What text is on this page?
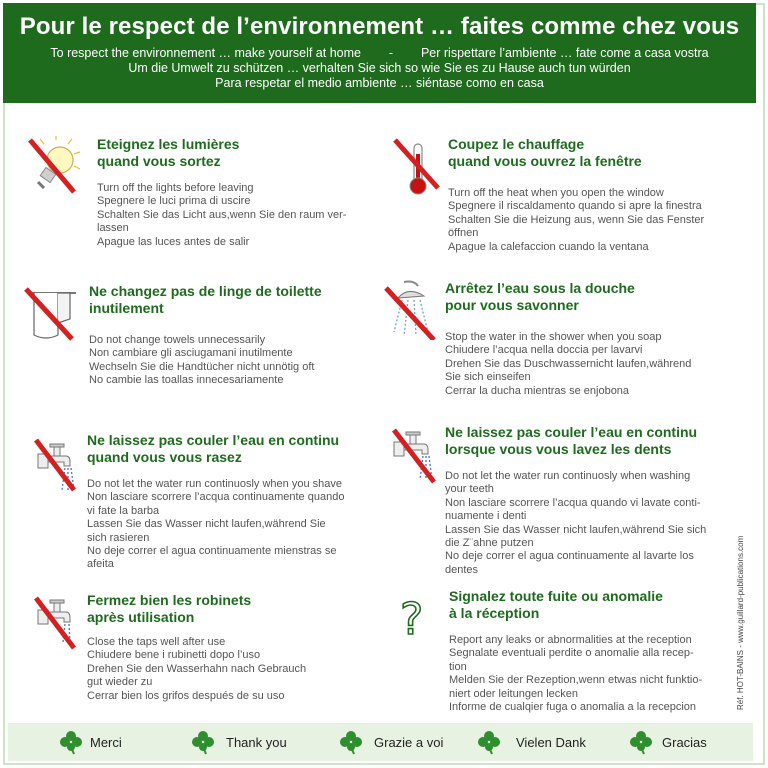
Pour le respect de l’environnement … faites comme chez vous
To respect the environnement … make yourself at home - Per rispettare l’ambiente … fate come a casa vostra
Um die Umwelt zu schützen … verhalten Sie sich so wie Sie es zu Hause auch tun würden
Para respetar el medio ambiente … siéntase como en casa
Eteignez les lumières
quand vous sortez
Turn off the lights before leaving
Spegnere le luci prima di uscire
Schalten Sie das Licht aus,wenn Sie den raum ver-
lassen
Apague las luces antes de salir
Coupez le chauffage
quand vous ouvrez la fenêtre
Turn off the heat when you open the window
Spegnere il riscaldamento quando si apre la finestra
Schalten Sie die Heizung aus, wenn Sie das Fenster
öffnen
Apague la calefaccion cuando la ventana
Ne changez pas de linge de toilette
inutilement
Do not change towels unnecessarily
Non cambiare gli asciugamani inutilmente
Wechseln Sie die Handtücher nicht unnötig oft
No cambie las toallas innecesariamente
Arrêtez l’eau sous la douche
pour vous savonner
Stop the water in the shower when you soap
Chiudere l’acqua nella doccia per lavarvi
Drehen Sie das Duschwassernicht laufen,während
Sie sich einseifen
Cerrar la ducha mientras se enjobona
Ne laissez pas couler l’eau en continu
quand vous vous rasez
Do not let the water run continuosly when you shave
Non lasciare scorrere l’acqua continuamente quando
vi fate la barba
Lassen Sie das Wasser nicht laufen,während Sie
sich rasieren
No deje correr el agua continuamente mienstras se
afeita
Ne laissez pas couler l’eau en continu
lorsque vous vous lavez les dents
Do not let the water run continuosly when washing
your teeth
Non lasciare scorrere l’acqua quando vi lavate conti-
nuamente i denti
Lassen Sie das Wasser nicht laufen,während Sie sich
die Z¨ahne putzen
No deje correr el agua continuamente al lavarte los
dentes
Fermez bien les robinets
après utilisation
Close the taps well after use
Chiudere bene i rubinetti dopo l’uso
Drehen Sie den Wasserhahn nach Gebrauch
gut wieder zu
Cerrar bien los grifos después de su uso
? Signalez toute fuite ou anomalie
à la réception
Report any leaks or abnormalities at the reception
Segnalate eventuali perdite o anomalie alla recep-
tion
Melden Sie der Rezeption,wenn etwas nicht funktio-
niert oder leitungen lecken
Informe de cualqier fuga o anomalia a la recepcion	Réf. HOT-BAINS - www.guillard-publications.com
Merci	Thank you	Grazie a voi	Vielen Dank	Gracias
